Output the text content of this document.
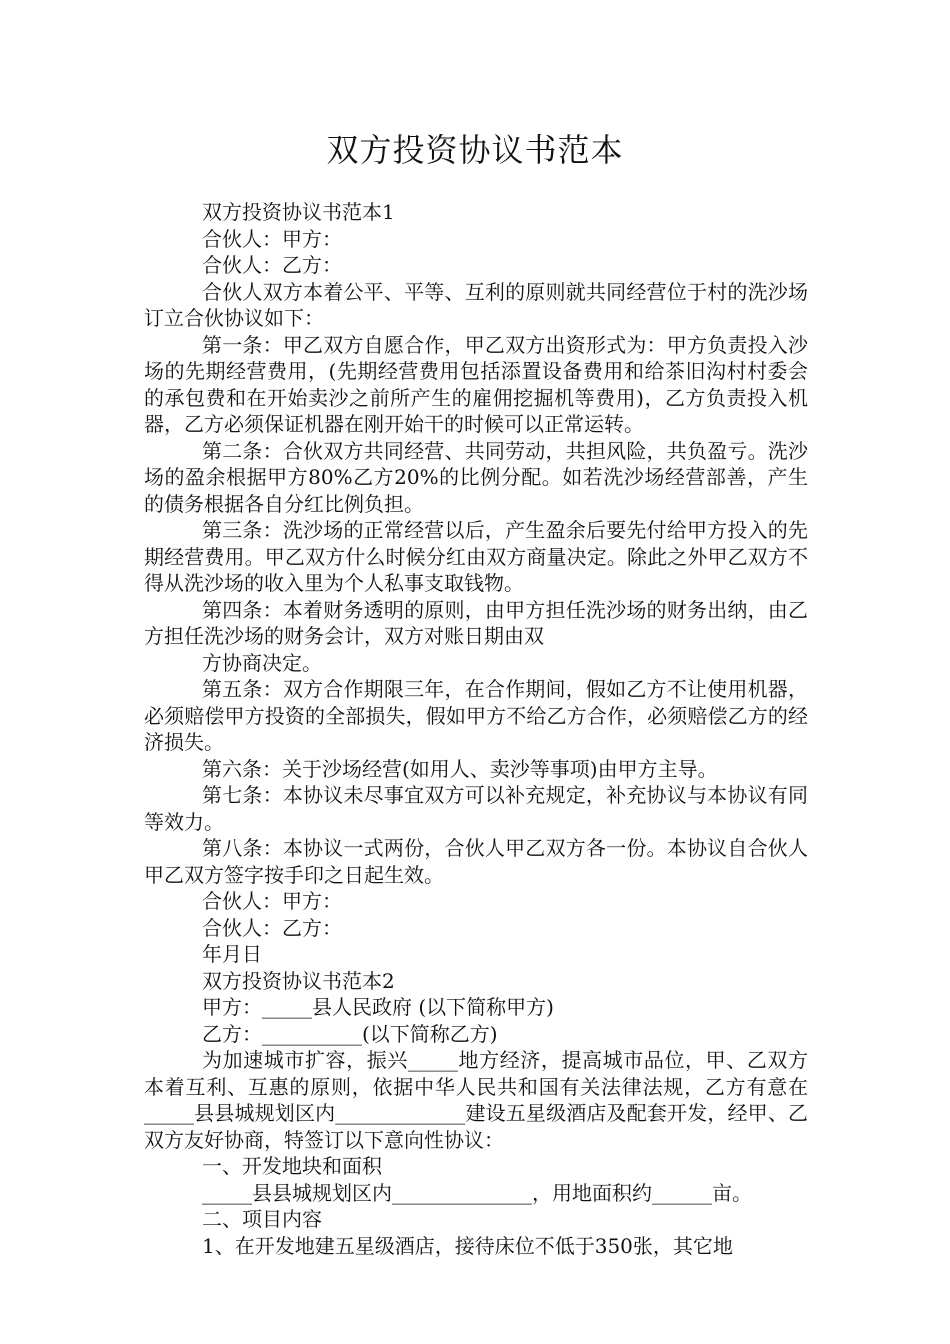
双方投资协议书范本

双方投资协议书范本1

合伙人：甲方：

合伙人：乙方：

合伙人双方本着公平、平等、互利的原则就共同经营位于村的洗沙场订立合伙协议如下：

第一条：甲乙双方自愿合作，甲乙双方出资形式为：甲方负责投入沙场的先期经营费用，(先期经营费用包括添置设备费用和给茶旧沟村村委会的承包费和在开始卖沙之前所产生的雇佣挖掘机等费用)，乙方负责投入机器，乙方必须保证机器在刚开始干的时候可以正常运转。

第二条：合伙双方共同经营、共同劳动，共担风险，共负盈亏。洗沙场的盈余根据甲方80%乙方20%的比例分配。如若洗沙场经营部善，产生的债务根据各自分红比例负担。

第三条：洗沙场的正常经营以后，产生盈余后要先付给甲方投入的先期经营费用。甲乙双方什么时候分红由双方商量决定。除此之外甲乙双方不得从洗沙场的收入里为个人私事支取钱物。

第四条：本着财务透明的原则，由甲方担任洗沙场的财务出纳，由乙方担任洗沙场的财务会计，双方对账日期由双

方协商决定。

第五条：双方合作期限三年，在合作期间，假如乙方不让使用机器，必须赔偿甲方投资的全部损失，假如甲方不给乙方合作，必须赔偿乙方的经济损失。

第六条：关于沙场经营(如用人、卖沙等事项)由甲方主导。

第七条：本协议未尽事宜双方可以补充规定，补充协议与本协议有同等效力。

第八条：本协议一式两份，合伙人甲乙双方各一份。本协议自合伙人甲乙双方签字按手印之日起生效。

合伙人：甲方：

合伙人：乙方：

年月日

双方投资协议书范本2

甲方：_____县人民政府 (以下简称甲方)

乙方：__________(以下简称乙方)

为加速城市扩容，振兴_____地方经济，提高城市品位，甲、乙双方本着互利、互惠的原则，依据中华人民共和国有关法律法规，乙方有意在_____县县城规划区内_____________建设五星级酒店及配套开发，经甲、乙双方友好协商，特签订以下意向性协议：

一、开发地块和面积

_____县县城规划区内______________，用地面积约______亩。

二、项目内容

1、在开发地建五星级酒店，接待床位不低于350张，其它地
